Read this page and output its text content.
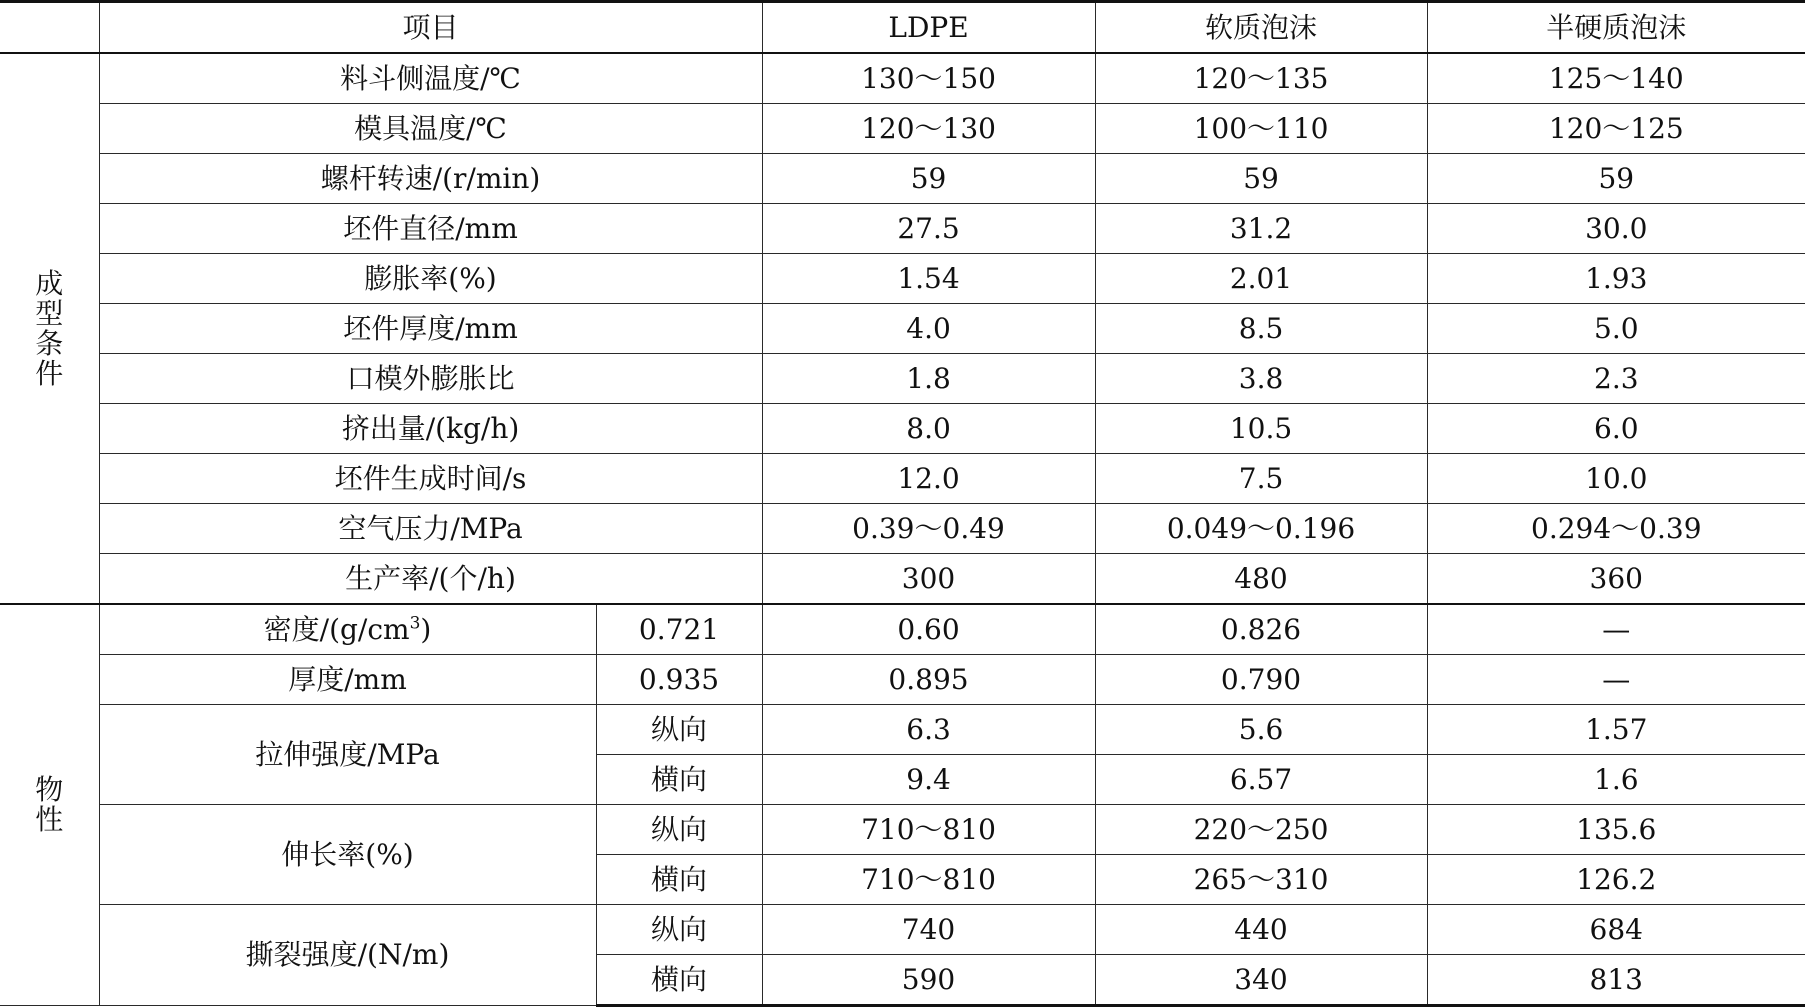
	项目		LDPE	软质泡沫	半硬质泡沫

成
型
条
件	料斗侧温度/℃		130～150	120～135	125～140
	模具温度/℃		120～130	100～110	120～125
	螺杆转速/(r/min)		59	59	59
	坯件直径/mm		27.5	31.2	30.0
	膨胀率(%)		1.54	2.01	1.93
	坯件厚度/mm		4.0	8.5	5.0
	口模外膨胀比		1.8	3.8	2.3
	挤出量/(kg/h)		8.0	10.5	6.0
	坯件生成时间/s		12.0	7.5	10.0
	空气压力/MPa		0.39～0.49	0.049～0.196	0.294～0.39
	生产率/(个/h)		300	480	360

物
性	密度$/(g/cm^3)$	0.721	0.60	0.826	—
	厚度/mm	0.935	0.895	0.790	—
	拉伸强度/MPa	纵向	6.3	5.6	1.57
		横向	9.4	6.57	1.6
	伸长率(%)	纵向	710～810	220～250	135.6
		横向	710～810	265～310	126.2
	撕裂强度/(N/m)	纵向	740	440	684
		横向	590	340	813
